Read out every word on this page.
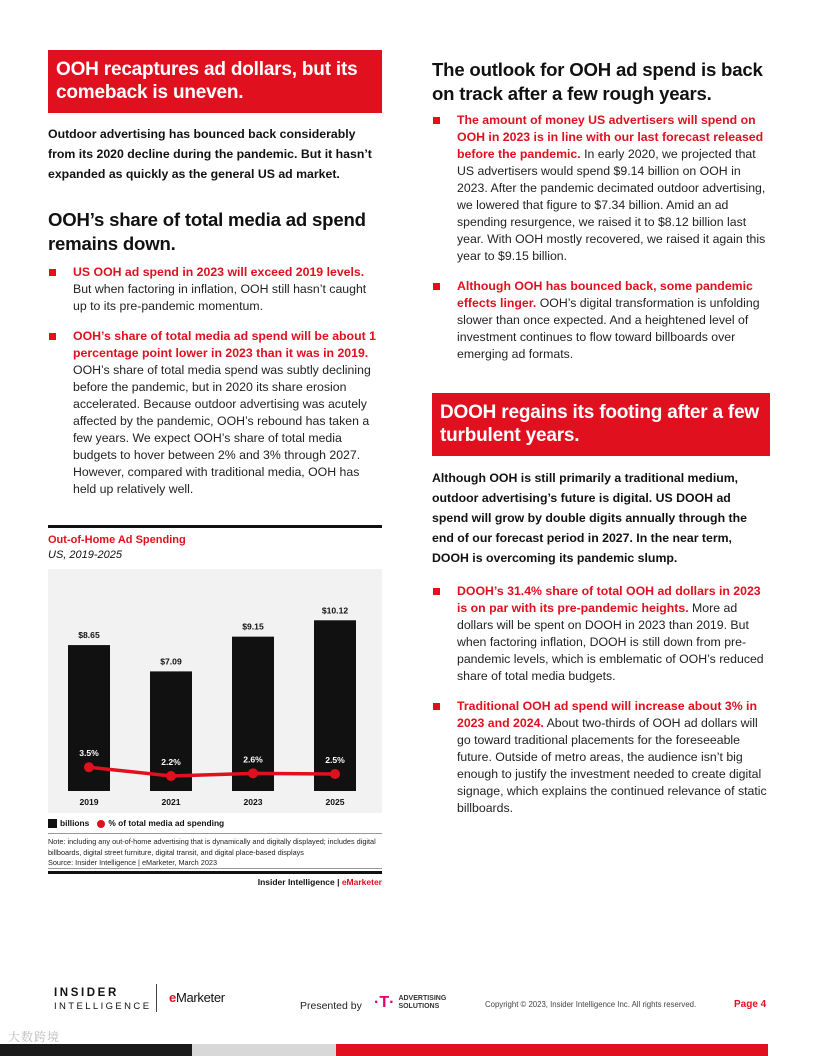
OOH recaptures ad dollars, but its comeback is uneven.

Outdoor advertising has bounced back considerably from its 2020 decline during the pandemic. But it hasn’t expanded as quickly as the general US ad market.

OOH’s share of total media ad spend remains down.
US OOH ad spend in 2023 will exceed 2019 levels. But when factoring in inflation, OOH still hasn’t caught up to its pre-pandemic momentum.
OOH’s share of total media ad spend will be about 1 percentage point lower in 2023 than it was in 2019. OOH’s share of total media spend was subtly declining before the pandemic, but in 2020 its share erosion accelerated. Because outdoor advertising was acutely affected by the pandemic, OOH’s rebound has taken a few years. We expect OOH’s share of total media budgets to hover between 2% and 3% through 2027. However, compared with traditional media, OOH has held up relatively well.
Out-of-Home Ad Spending
US, 2019-2025
$8.65
2019
$7.09
2021
$9.15
2023
$10.12
2025
3.5%
2.2%	2.6%	2.5%
billions	% of total media ad spending
Note: including any out-of-home advertising that is dynamically and digitally displayed; includes digital billboards, digital street furniture, digital transit, and digital place-based displays
Source: Insider Intelligence | eMarketer, March 2023
Insider Intelligence | eMarketer
The outlook for OOH ad spend is back on track after a few rough years.
The amount of money US advertisers will spend on OOH in 2023 is in line with our last forecast released before the pandemic. In early 2020, we projected that US advertisers would spend $9.14 billion on OOH in 2023. After the pandemic decimated outdoor advertising, we lowered that figure to $7.34 billion. Amid an ad spending resurgence, we raised it to $8.12 billion last year. With OOH mostly recovered, we raised it again this year to $9.15 billion.
Although OOH has bounced back, some pandemic effects linger. OOH’s digital transformation is unfolding slower than once expected. And a heightened level of investment continues to flow toward billboards over emerging ad formats.
DOOH regains its footing after a few turbulent years.

Although OOH is still primarily a traditional medium, outdoor advertising’s future is digital. US DOOH ad spend will grow by double digits annually through the end of our forecast period in 2027. In the near term, DOOH is overcoming its pandemic slump.

DOOH’s 31.4% share of total OOH ad dollars in 2023 is on par with its pre-pandemic heights. More ad dollars will be spent on DOOH in 2023 than 2019. But when factoring inflation, DOOH is still down from pre-pandemic levels, which is emblematic of OOH’s reduced share of total media budgets.
Traditional OOH ad spend will increase about 3% in 2023 and 2024. About two-thirds of OOH ad dollars will go toward traditional placements for the foreseeable future. Outside of metro areas, the audience isn’t big enough to justify the investment needed to create digital signage, which explains the continued relevance of static billboards.
INSIDER
INTELLIGENCE
eMarketer
Presented by ·T· ADVERTISING
SOLUTIONS	Copyright © 2023, Insider Intelligence Inc. All rights reserved.	Page 4
大数跨境
